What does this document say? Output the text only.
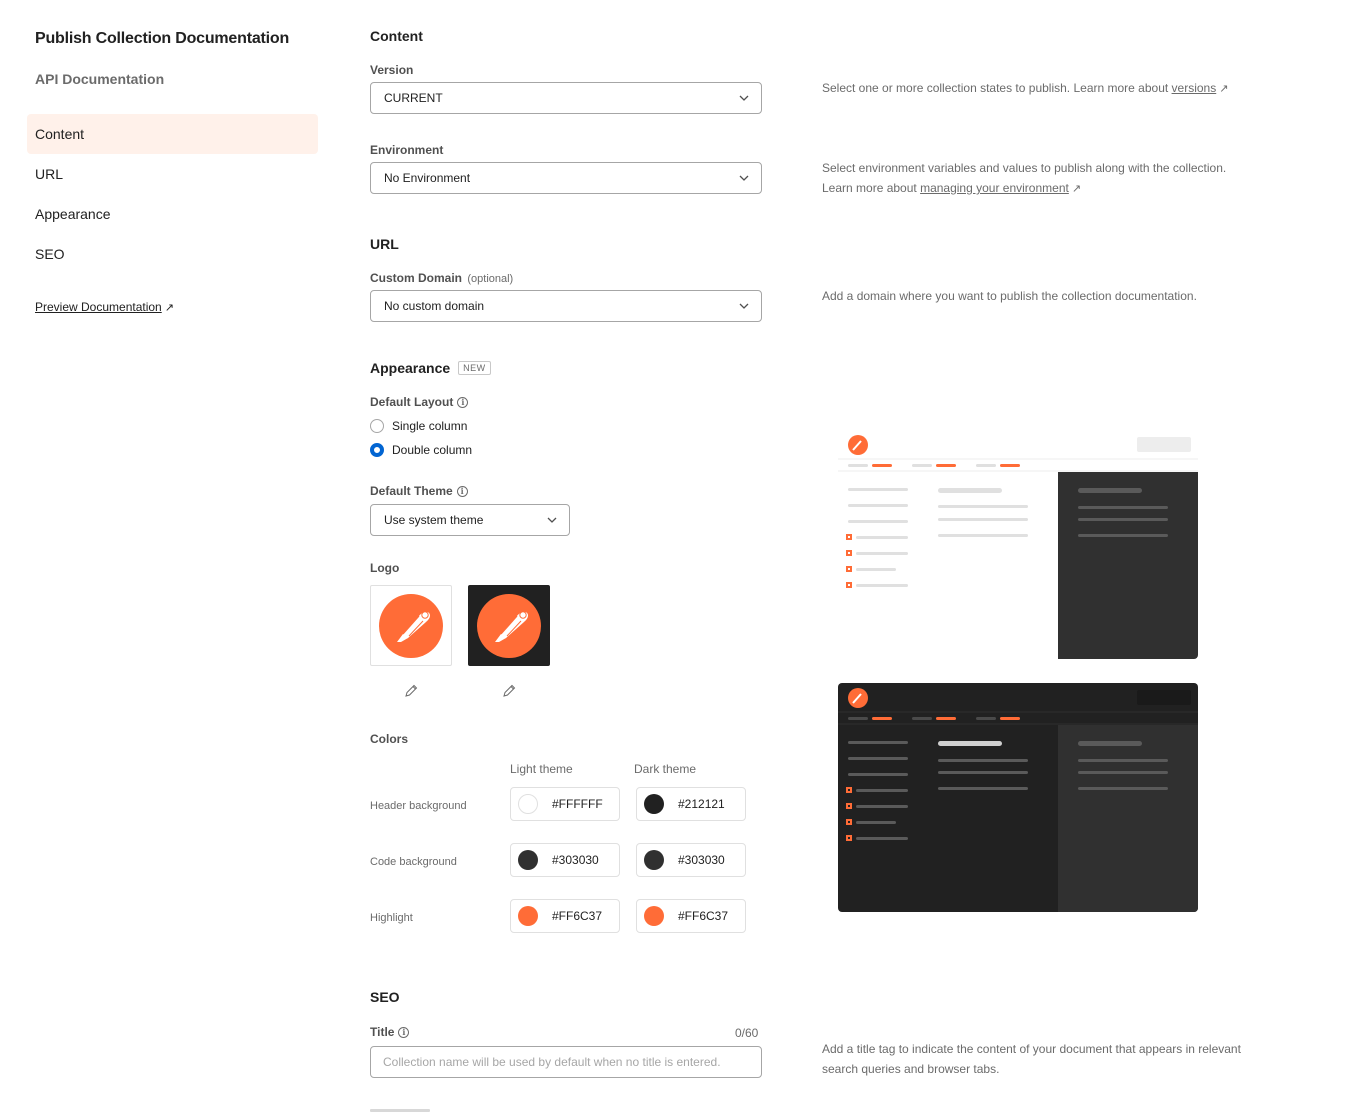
Publish Collection Documentation
API Documentation
Content
URL
Appearance
SEO
Preview Documentation ↗
Content
Version
CURRENT
Select one or more collection states to publish. Learn more about versions ↗
Environment
No Environment
Select environment variables and values to publish along with the collection. Learn more about managing your environment ↗
URL
Custom Domain (optional)
No custom domain
Add a domain where you want to publish the collection documentation.
Appearance	NEW
Default Layout i
Single column
Double column
Default Theme i
Use system theme
Logo
Colors
Light theme	Dark theme
Header background	#FFFFFF	#212121
Code background	#303030	#303030
Highlight	#FF6C37	#FF6C37
SEO
Title i	0/60
Collection name will be used by default when no title is entered.
Add a title tag to indicate the content of your document that appears in relevant search queries and browser tabs.
